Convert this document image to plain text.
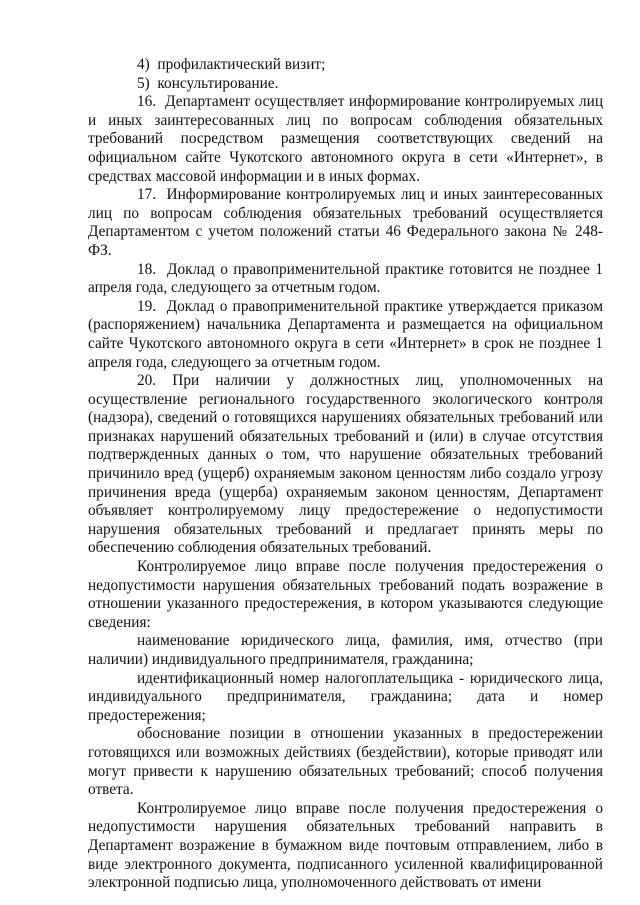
4)  профилактический визит;

5)  консультирование.

16.  Департамент осуществляет информирование контролируемых лиц и иных заинтересованных лиц по вопросам соблюдения обязательных требований посредством размещения соответствующих сведений на официальном сайте Чукотского автономного округа в сети «Интернет», в средствах массовой информации и в иных формах.

17.  Информирование контролируемых лиц и иных заинтересованных лиц по вопросам соблюдения обязательных требований осуществляется Департаментом с учетом положений статьи 46 Федерального закона № 248-ФЗ.

18.  Доклад о правоприменительной практике готовится не позднее 1 апреля года, следующего за отчетным годом.

19.  Доклад о правоприменительной практике утверждается приказом (распоряжением) начальника Департамента и размещается на официальном сайте Чукотского автономного округа в сети «Интернет» в срок не позднее 1 апреля года, следующего за отчетным годом.

20. При наличии у должностных лиц, уполномоченных на осуществление регионального государственного экологического контроля (надзора), сведений о готовящихся нарушениях обязательных требований или признаках нарушений обязательных требований и (или) в случае отсутствия подтвержденных данных о том, что нарушение обязательных требований причинило вред (ущерб) охраняемым законом ценностям либо создало угрозу причинения вреда (ущерба) охраняемым законом ценностям, Департамент объявляет контролируемому лицу предостережение о недопустимости нарушения обязательных требований и предлагает принять меры по обеспечению соблюдения обязательных требований.

Контролируемое лицо вправе после получения предостережения о недопустимости нарушения обязательных требований подать возражение в отношении указанного предостережения, в котором указываются следующие сведения:

наименование юридического лица, фамилия, имя, отчество (при наличии) индивидуального предпринимателя, гражданина;

идентификационный номер налогоплательщика - юридического лица, индивидуального предпринимателя, гражданина; дата и номер предостережения;

обоснование позиции в отношении указанных в предостережении готовящихся или возможных действиях (бездействии), которые приводят или могут привести к нарушению обязательных требований; способ получения ответа.

Контролируемое лицо вправе после получения предостережения о недопустимости нарушения обязательных требований направить в Департамент возражение в бумажном виде почтовым отправлением, либо в виде электронного документа, подписанного усиленной квалифицированной электронной подписью лица, уполномоченного действовать от имени
